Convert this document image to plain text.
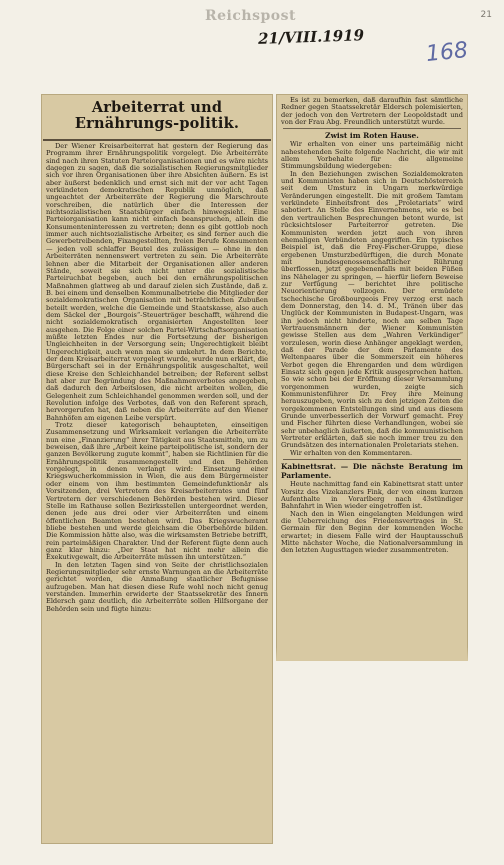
Reichspost	21
21/VIII.1919
168
Arbeiterrat und Ernährungs-politik.

Der Wiener Kreisarbeiterrat hat gestern der Regierung das Programm ihrer Ernährungspolitik vorgelegt. Die Arbeiterräte sind nach ihren Statuten Parteiorganisationen und es wäre nichts dagegen zu sagen, daß die sozialistischen Regierungsmitglieder sich vor ihren Organisationen über ihre Absichten äußern. Es ist aber äußerst bedenklich und ernst sich mit der vor acht Tagen verkündeten demokratischen Republik unmöglich, daß ungeachtet der Arbeiterräte der Regierung die Marschroute vorschreiben, die natürlich über die Interessen der nichtsozialistischen Staatsbürger einfach hinwegsieht. Eine Parteiorganisation kann nicht einfach beanspruchen, allein die Konsumenteninteressen zu vertreten; denn es gibt gottlob noch immer auch nichtsozialistische Arbeiter, es sind ferner auch die Gewerbetreibenden, Fixangestellten, freien Berufe Konsumenten — jeden voll schlaffer Beutel des zulässigen — ohne in den Arbeiterräten nennenswert vertreten zu sein. Die Arbeiterräte lehnen aber die Mitarbeit der Organisationen aller anderen Stände, soweit sie sich nicht unter die sozialistische Parteiruchbat begeben, auch bei den ernährungspolitischen Maßnahmen glattweg ab und darauf zielen sich Zustände, daß z. B. bei einem und denselben Kommunalbetriebe die Mitglieder der sozialdemokratischen Organisation mit beträchtlichen Zubußen beteilt werden, welche die Gemeinde und Staatskasse, also auch dem Säckel der „Bourgois“-Steuerträger beschafft, während die nicht sozialdemokratisch organisierten Angestellten leer ausgehen. Die Folge einer solchen Partei-Wirtschaftsorganisation müßte letzten Endes nur die Fortsetzung der bisherigen Ungleichheiten in der Versorgung sein; Ungerechtigkeit bleibt Ungerechtigkeit, auch wenn man sie umkehrt. In dem Berichte, der dem Kreisarbeiterrat vorgelegt wurde, wurde nun erklärt, die Bürgerschaft sei in der Ernährungspolitik ausgeschaltet, weil diese Kreise den Schleichhandel betreiben; der Referent selbst hat aber zur Begründung des Maßnahmenverbotes angegeben, daß dadurch den Arbeitslosen, die nicht arbeiten wollen, die Gelegenheit zum Schleichhandel genommen werden soll, und der Revolution infolge des Verbotes, daß von den Referent sprach, hervorgerufen hat, daß neben die Arbeiterräte auf den Wiener Bahnhöfen am eigenen Leibe verspürt.

Trotz dieser kategorisch behaupteten, einseitigen Zusammensetzung und Wirksamkeit verlangen die Arbeiterräte nun eine „Finanzierung“ ihrer Tätigkeit aus Staatsmitteln, um zu beweisen, daß ihre „Arbeit keine parteipolitische ist, sondern der ganzen Bevölkerung zugute kommt“, haben sie Richtlinien für die Ernährungspolitik zusammengestellt und den Behörden vorgelegt, in denen verlangt wird: Einsetzung einer Kriegswucherkommission in Wien, die aus dem Bürgermeister oder einem von ihm bestimmten Gemeindefunktionär als Vorsitzenden, drei Vertretern des Kreisarbeiterrates und fünf Vertretern der verschiedenen Behörden bestehen wird. Dieser Stelle im Rathause sollen Bezirksstellen untergeordnet werden, denen jede aus drei oder vier Arbeiterräten und einem öffentlichen Beamten bestehen wird. Das Kriegswucheramt bliebe bestehen und werde gleichsam die Oberbehörde bilden. Die Kommission hätte also, was die wirksamsten Betriebe betrifft, rein parteimäßigen Charakter. Und der Referent fügte denn auch ganz klar hinzu: „Der Staat hat nicht mehr allein die Exekutivgewalt, die Arbeiterräte müssen ihn unterstützen.“

In den letzten Tagen sind von Seite der christlichsozialen Regierungsmitglieder sehr ernste Warnungen an die Arbeiterräte gerichtet worden, die Anmaßung staatlicher Befugnisse aufzugeben. Man hat diesen diese Rufe wohl noch nicht genug verstanden. Immerhin erwiderte der Staatssekretär des Innern Eldersch ganz deutlich, die Arbeiterräte sollen Hilfsorgane der Behörden sein und fügte hinzu:

Es ist zu bemerken, daß daraufhin fast sämtliche Redner gegen Staatssekretär Eldersch polemisierten, der jedoch von den Vertretern der Leopoldstadt und von der Frau Abg. Freundlich unterstützt wurde.

Zwist im Roten Hause.

Wir erhalten von einer uns parteimäßig nicht nahestehenden Seite folgende Nachricht, die wir mit allem Vorbehalte für die allgemeine Stimmungsbildung wiedergeben:

In den Beziehungen zwischen Sozialdemokraten und Kommunisten haben sich in Deutschösterreich seit dem Umsturz in Ungarn merkwürdige Veränderungen eingestellt. Die mit großem Tamtam verkündete Einheitsfront des „Proletariats“ wird sabotiert. An Stelle des Einvernehmens, wie es bei den vertraulichen Besprechungen betont wurde, ist rücksichtsloser Parteiterror getreten. Die Kommunisten werden jetzt auch von ihren ehemaligen Verbündeten angegriffen. Ein typisches Beispiel ist, daß die Frey-Fischer-Gruppe, diese ergebenen Umsturzbedürftigen, die durch Monate mit bundesgenossenschaftlicher Rührung überflossen, jetzt gegebenenfalls mit beiden Füßen ins Nähelager zu springen, — hierfür liefern Beweise zur Verfügung — berichtet ihre politische Neuorientierung vollzogen. Der ermüdete tschechische Großbourgeois Frey verzog erst nach dem Donnerstag, den 14. d. M., Tränen über das Unglück der Kommunisten in Budapest-Ungarn, was ihn jedoch nicht hinderte, noch am selben Tage Vertrauensmännern der Wiener Kommunisten gewisse Stellen aus dem „Wahren Verkündiger“ vorzulesen, worin diese Anhänger angeklagt werden, daß der Parade der dem Parlamente des Weltenpaares über die Sommerszeit ein höheres Verbot gegen die Ehrengarden und dem würdigen Einsatz sich gegen jede Kritik ausgesprochen hatten. So wie schon bei der Eröffnung dieser Versammlung vorgenommen wurden, zeigte sich Kommunistenführer Dr. Frey ihre Meinung herauszugeben, worin sich zu den jetzigen Zeiten die vorgekommenen Entstellungen sind und aus diesem Grunde unverbesserlich der Vorwurf gemacht. Frey und Fischer führten diese Verhandlungen, wobei sie sehr unbehaglich äußerten, daß die kommunistischen Vertreter erklärten, daß sie noch immer treu zu den Grundsätzen des internationalen Proletariats stehen.

Wir erhalten von den Kommentaren.

Kabinettsrat. — Die nächste Beratung im Parlamente.

Heute nachmittag fand ein Kabinettsrat statt unter Vorsitz des Vizekanzlers Fink, der von einem kurzen Aufenthalte in Vorarlberg nach 43stündiger Bahnfahrt in Wien wieder eingetroffen ist.

Nach den in Wien eingelangten Meldungen wird die Ueberreichung des Friedensvertrages in St. Germain für den Beginn der kommenden Woche erwartet; in diesem Falle wird der Hauptausschuß Mitte nächster Woche, die Nationalversammlung in den letzten Augusttagen wieder zusammentreten.
